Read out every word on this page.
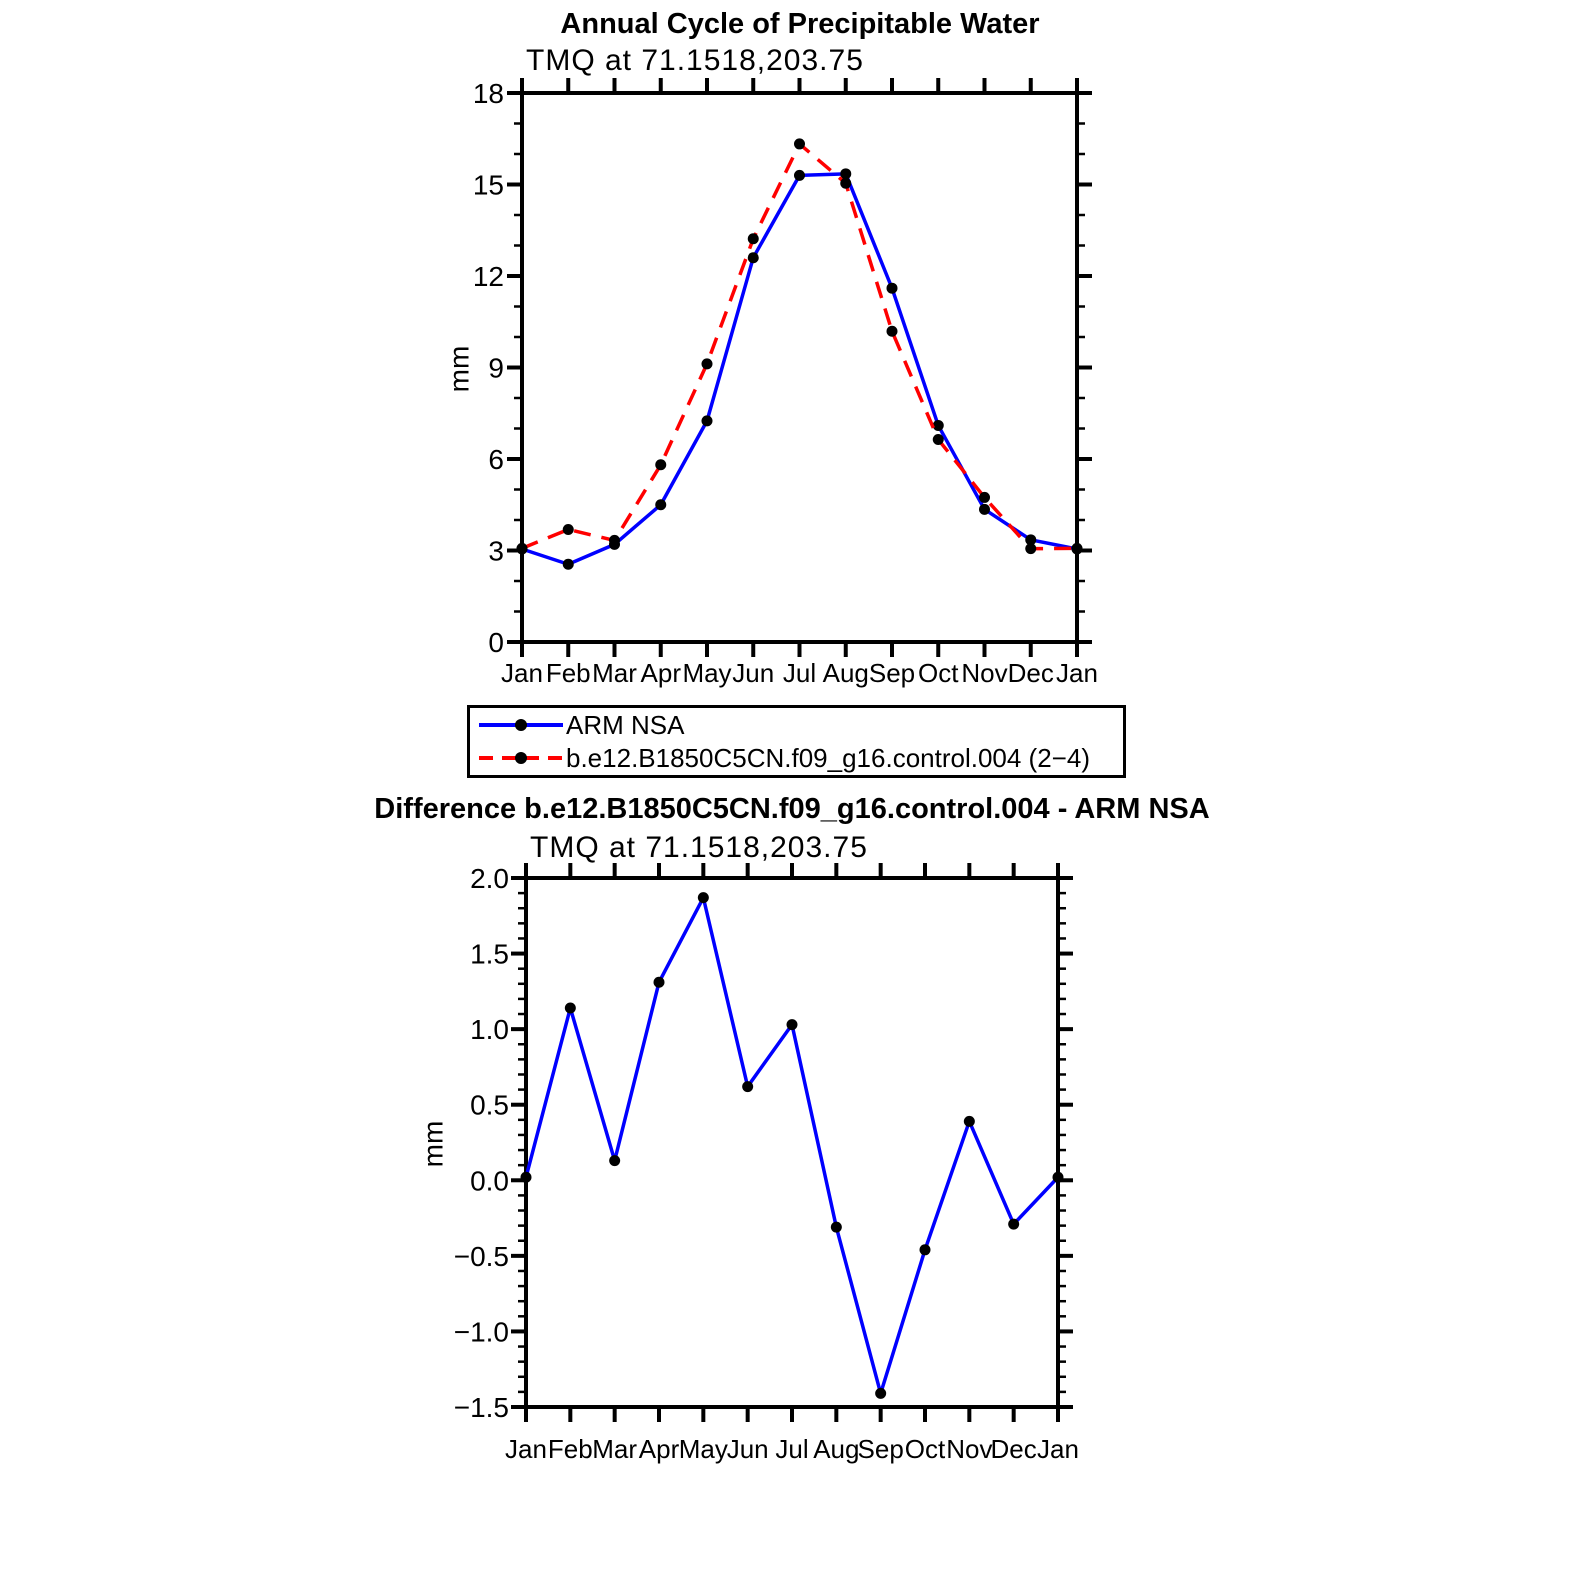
Annual Cycle of Precipitable Water
TMQ at 71.1518,203.75
mm
Jan Feb Mar Apr May Jun Jul Aug Sep Oct Nov Dec Jan
0
3
6
9
12
15
18
ARM NSA
b.e12.B1850C5CN.f09_g16.control.004 (2−4)
Difference b.e12.B1850C5CN.f09_g16.control.004 - ARM NSA
TMQ at 71.1518,203.75
mm
Jan Feb Mar Apr May
Jun Jul Aug
Sep Oct Nov
Dec Jan
2.0
1.5
1.0
0.5
0.0
−0.5
−1.0
−1.5
